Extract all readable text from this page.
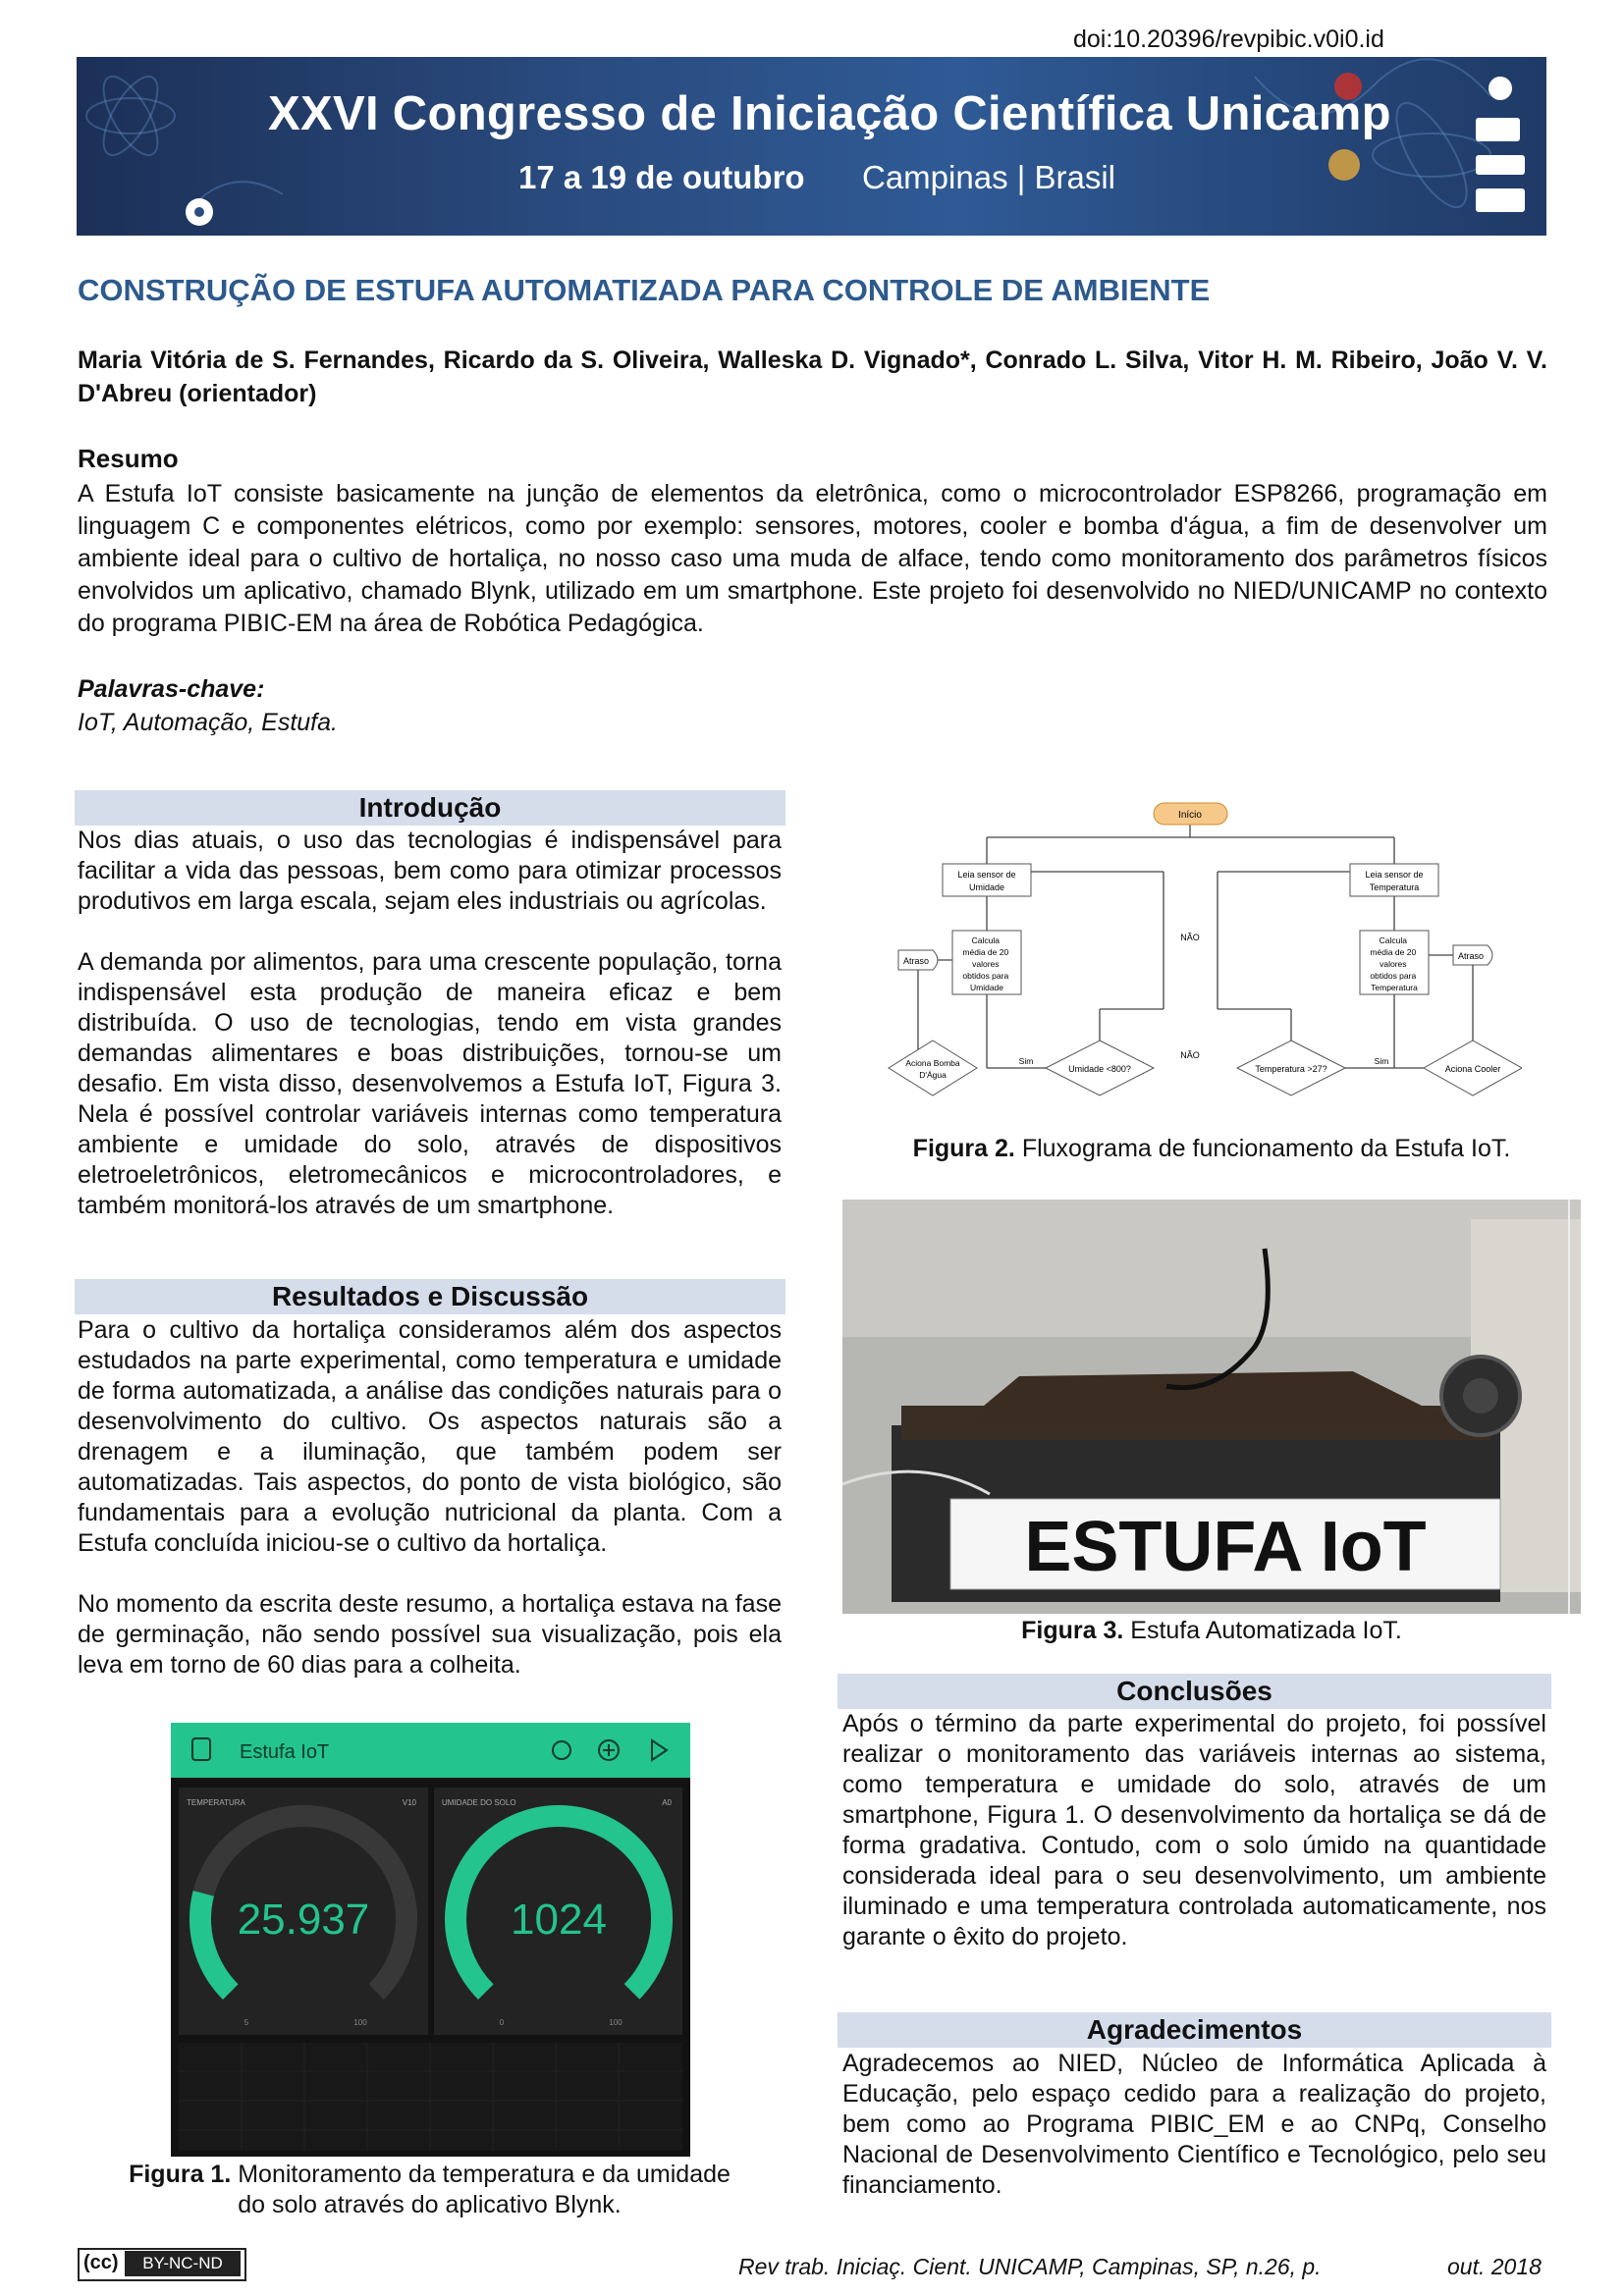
doi:10.20396/revpibic.v0i0.id
XXVI Congresso de Iniciação Científica Unicamp
17 a 19 de outubro Campinas | Brasil
CONSTRUÇÃO DE ESTUFA AUTOMATIZADA PARA CONTROLE DE AMBIENTE
Maria Vitória de S. Fernandes, Ricardo da S. Oliveira, Walleska D. Vignado*, Conrado L. Silva, Vitor H. M. Ribeiro, João V. V. D'Abreu (orientador)
Resumo
A Estufa IoT consiste basicamente na junção de elementos da eletrônica, como o microcontrolador ESP8266, programação em linguagem C e componentes elétricos, como por exemplo: sensores, motores, cooler e bomba d'água, a fim de desenvolver um ambiente ideal para o cultivo de hortaliça, no nosso caso uma muda de alface, tendo como monitoramento dos parâmetros físicos envolvidos um aplicativo, chamado Blynk, utilizado em um smartphone. Este projeto foi desenvolvido no NIED/UNICAMP no contexto do programa PIBIC-EM na área de Robótica Pedagógica.
Palavras-chave:
IoT, Automação, Estufa.
Introdução
Nos dias atuais, o uso das tecnologias é indispensável para facilitar a vida das pessoas, bem como para otimizar processos produtivos em larga escala, sejam eles industriais ou agrícolas.
A demanda por alimentos, para uma crescente população, torna indispensável esta produção de maneira eficaz e bem distribuída. O uso de tecnologias, tendo em vista grandes demandas alimentares e boas distribuições, tornou-se um desafio. Em vista disso, desenvolvemos a Estufa IoT, Figura 3. Nela é possível controlar variáveis internas como temperatura ambiente e umidade do solo, através de dispositivos eletroeletrônicos, eletromecânicos e microcontroladores, e também monitorá-los através de um smartphone.
Resultados e Discussão
Para o cultivo da hortaliça consideramos além dos aspectos estudados na parte experimental, como temperatura e umidade de forma automatizada, a análise das condições naturais para o desenvolvimento do cultivo. Os aspectos naturais são a drenagem e a iluminação, que também podem ser automatizadas. Tais aspectos, do ponto de vista biológico, são fundamentais para a evolução nutricional da planta. Com a Estufa concluída iniciou-se o cultivo da hortaliça.
No momento da escrita deste resumo, a hortaliça estava na fase de germinação, não sendo possível sua visualização, pois ela leva em torno de 60 dias para a colheita.
Início
Leia sensor de
Umidade
Leia sensor de
Temperatura
Calcula média de 20 valores obtidos para Umidade
Calcula média de 20 valores obtidos para Temperatura
Atraso	Atraso
Aciona Bomba
D'Água
Umidade <800?	Temperatura >27?	Aciona Cooler
Sim	Sim
NÃO
NÃO
Figura 2. Fluxograma de funcionamento da Estufa IoT.
ESTUFA IoT
Figura 3. Estufa Automatizada IoT.
Conclusões
Após o término da parte experimental do projeto, foi possível realizar o monitoramento das variáveis internas ao sistema, como temperatura e umidade do solo, através de um smartphone, Figura 1. O desenvolvimento da hortaliça se dá de forma gradativa. Contudo, com o solo úmido na quantidade considerada ideal para o seu desenvolvimento, um ambiente iluminado e uma temperatura controlada automaticamente, nos garante o êxito do projeto.
Agradecimentos
Agradecemos ao NIED, Núcleo de Informática Aplicada à Educação, pelo espaço cedido para a realização do projeto, bem como ao Programa PIBIC_EM e ao CNPq, Conselho Nacional de Desenvolvimento Científico e Tecnológico, pelo seu financiamento.
Estufa IoT
TEMPERATURA	V10	UMIDADE DO SOLO	A0
25.937	1024
5	100	0	100
Figura 1. Monitoramento da temperatura e da umidade
do solo através do aplicativo Blynk.
(cc)	BY-NC-ND	Rev trab. Iniciaç. Cient. UNICAMP, Campinas, SP, n.26, p.	out. 2018
